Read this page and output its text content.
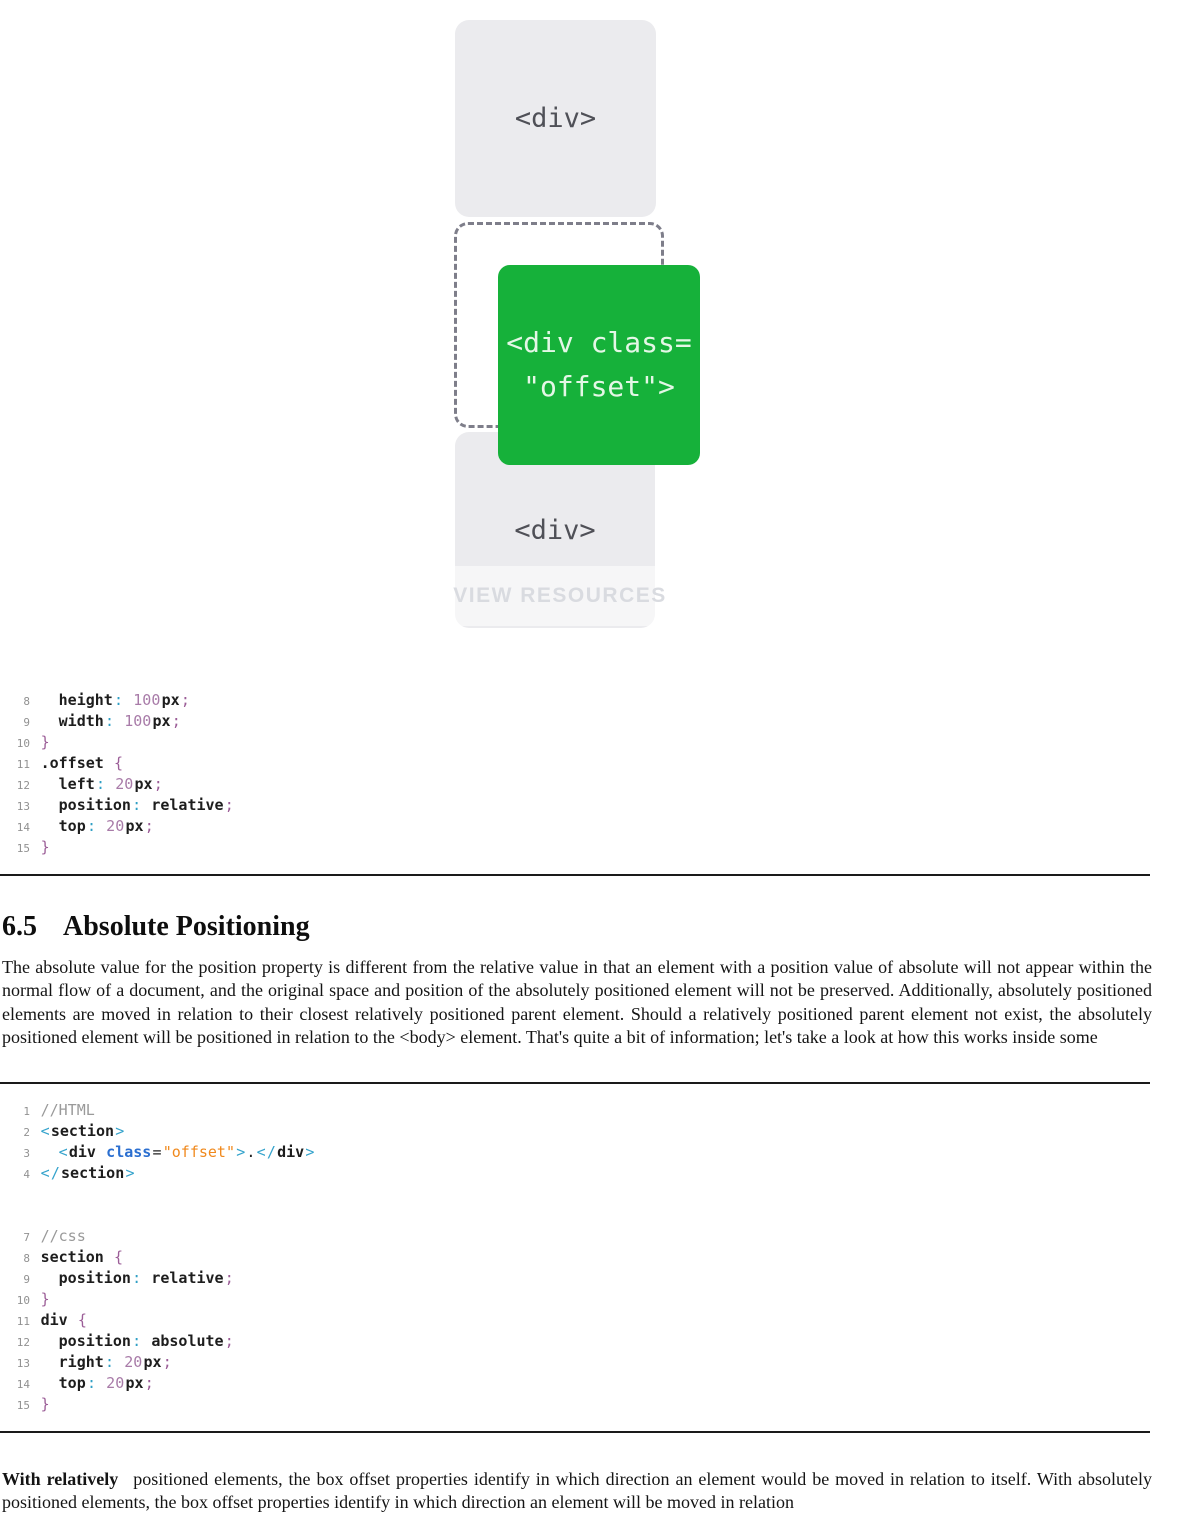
<div>
<div>
VIEW RESOURCES
<div class=
"offset">
8  height: 100px;
9  width: 100px;
10 }
11 .offset {
12  left: 20px;
13  position: relative;
14  top: 20px;
15 }
6.5 Absolute Positioning
The absolute value for the position property is different from the relative value in that an element with a position value of absolute will not appear within the normal flow of a document, and the original space and position of the absolutely positioned element will not be preserved. Additionally, absolutely positioned elements are moved in relation to their closest relatively positioned parent element. Should a relatively positioned parent element not exist, the absolutely positioned element will be positioned in relation to the <body> element. That's quite a bit of information; let's take a look at how this works inside some
1 //HTML
2 <section>
3  <div class="offset">.</div>
4 </section>
7 //css
8 section {
9  position: relative;
10 }
11 div {
12  position: absolute;
13  right: 20px;
14  top: 20px;
15 }
With relatively positioned elements, the box offset properties identify in which direction an element would be moved in relation to itself. With absolutely positioned elements, the box offset properties identify in which direction an element will be moved in relation
